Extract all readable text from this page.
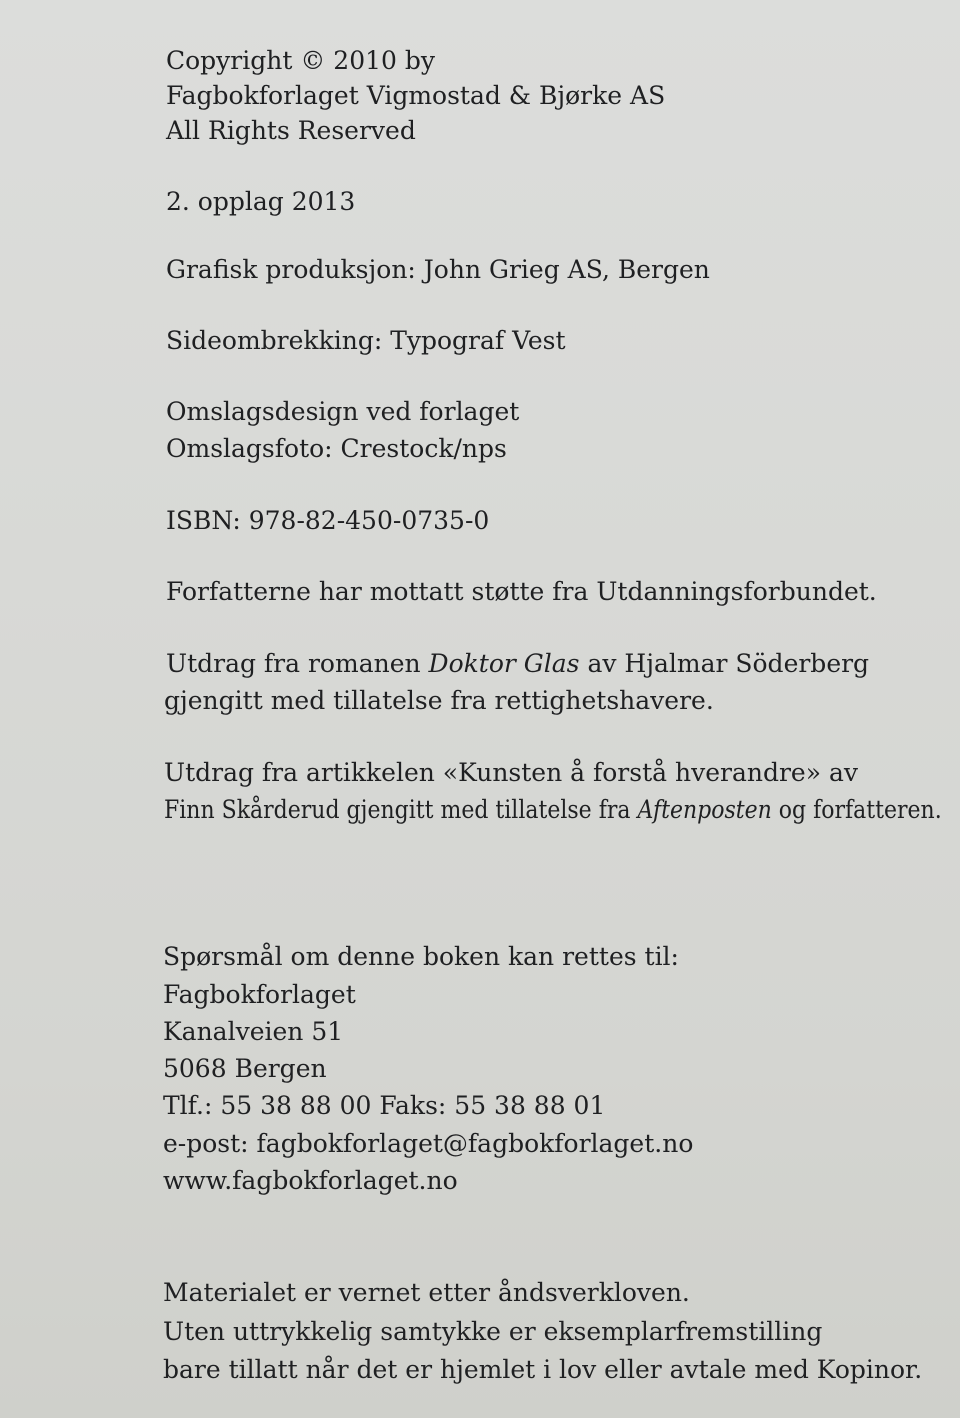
Copyright © 2010 by
Fagbokforlaget Vigmostad & Bjørke AS
All Rights Reserved
2. opplag 2013
Grafisk produksjon: John Grieg AS, Bergen
Sideombrekking: Typograf Vest
Omslagsdesign ved forlaget
Omslagsfoto: Crestock/nps
ISBN: 978-82-450-0735-0
Forfatterne har mottatt støtte fra Utdanningsforbundet.
Utdrag fra romanen Doktor Glas av Hjalmar Söderberg
gjengitt med tillatelse fra rettighetshavere.
Utdrag fra artikkelen «Kunsten å forstå hverandre» av
Finn Skårderud gjengitt med tillatelse fra Aftenposten og forfatteren.
Spørsmål om denne boken kan rettes til:
Fagbokforlaget
Kanalveien 51
5068 Bergen
Tlf.: 55 38 88 00 Faks: 55 38 88 01
e-post: fagbokforlaget@fagbokforlaget.no
www.fagbokforlaget.no
Materialet er vernet etter åndsverkloven.
Uten uttrykkelig samtykke er eksemplarfremstilling
bare tillatt når det er hjemlet i lov eller avtale med Kopinor.
